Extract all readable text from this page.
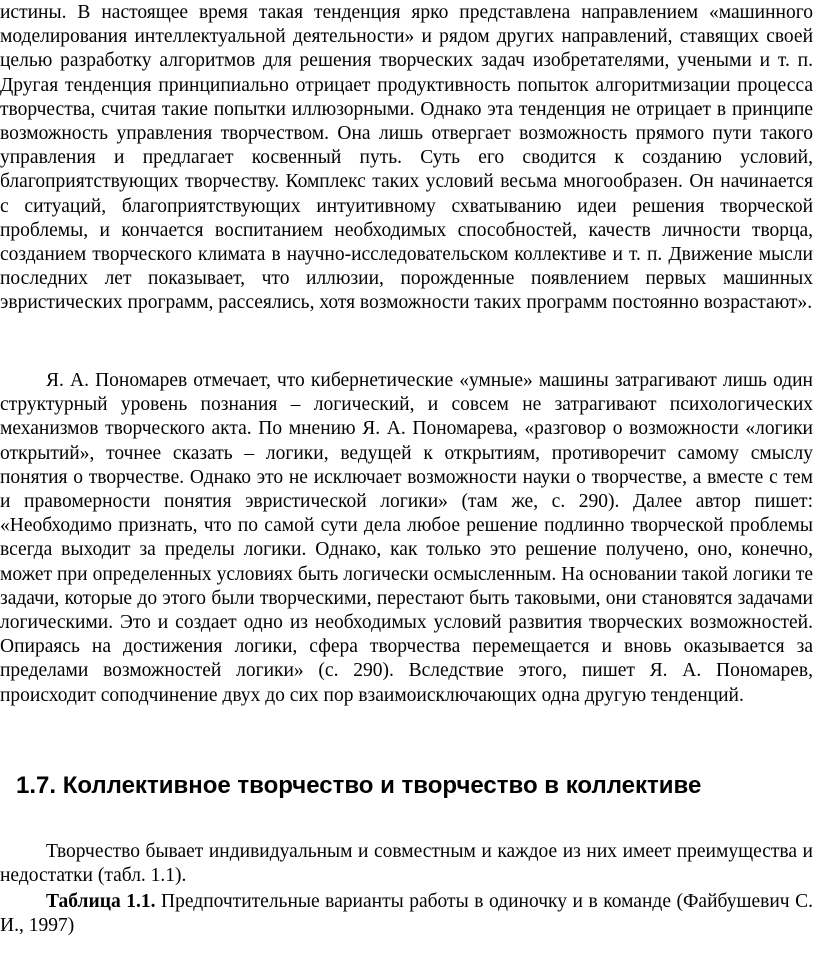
истины. В настоящее время такая тенденция ярко представлена направлением «машинного моделирования интеллектуальной деятельности» и рядом других направлений, ставящих своей целью разработку алгоритмов для решения творческих задач изобретателями, учеными и т. п. Другая тенденция принципиально отрицает продуктивность попыток алгоритмизации процесса творчества, считая такие попытки иллюзорными. Однако эта тенденция не отрицает в принципе возможность управления творчеством. Она лишь отвергает возможность прямого пути такого управления и предлагает косвенный путь. Суть его сводится к созданию условий, благоприятствующих творчеству. Комплекс таких условий весьма многообразен. Он начинается с ситуаций, благоприятствующих интуитивному схватыванию идеи решения творческой проблемы, и кончается воспитанием необходимых способностей, качеств личности творца, созданием творческого климата в научно-исследовательском коллективе и т. п. Движение мысли последних лет показывает, что иллюзии, порожденные появлением первых машинных эвристических программ, рассеялись, хотя возможности таких программ постоянно возрастают».
Я. А. Пономарев отмечает, что кибернетические «умные» машины затрагивают лишь один структурный уровень познания – логический, и совсем не затрагивают психологических механизмов творческого акта. По мнению Я. А. Пономарева, «разговор о возможности «логики открытий», точнее сказать – логики, ведущей к открытиям, противоречит самому смыслу понятия о творчестве. Однако это не исключает возможности науки о творчестве, а вместе с тем и правомерности понятия эвристической логики» (там же, с. 290). Далее автор пишет: «Необходимо признать, что по самой сути дела любое решение подлинно творческой проблемы всегда выходит за пределы логики. Однако, как только это решение получено, оно, конечно, может при определенных условиях быть логически осмысленным. На основании такой логики те задачи, которые до этого были творческими, перестают быть таковыми, они становятся задачами логическими. Это и создает одно из необходимых условий развития творческих возможностей. Опираясь на достижения логики, сфера творчества перемещается и вновь оказывается за пределами возможностей логики» (с. 290). Вследствие этого, пишет Я. А. Пономарев, происходит соподчинение двух до сих пор взаимоисключающих одна другую тенденций.
1.7. Коллективное творчество и творчество в коллективе
Творчество бывает индивидуальным и совместным и каждое из них имеет преимущества и недостатки (табл. 1.1).
Таблица 1.1. Предпочтительные варианты работы в одиночку и в команде (Файбушевич С. И., 1997)
